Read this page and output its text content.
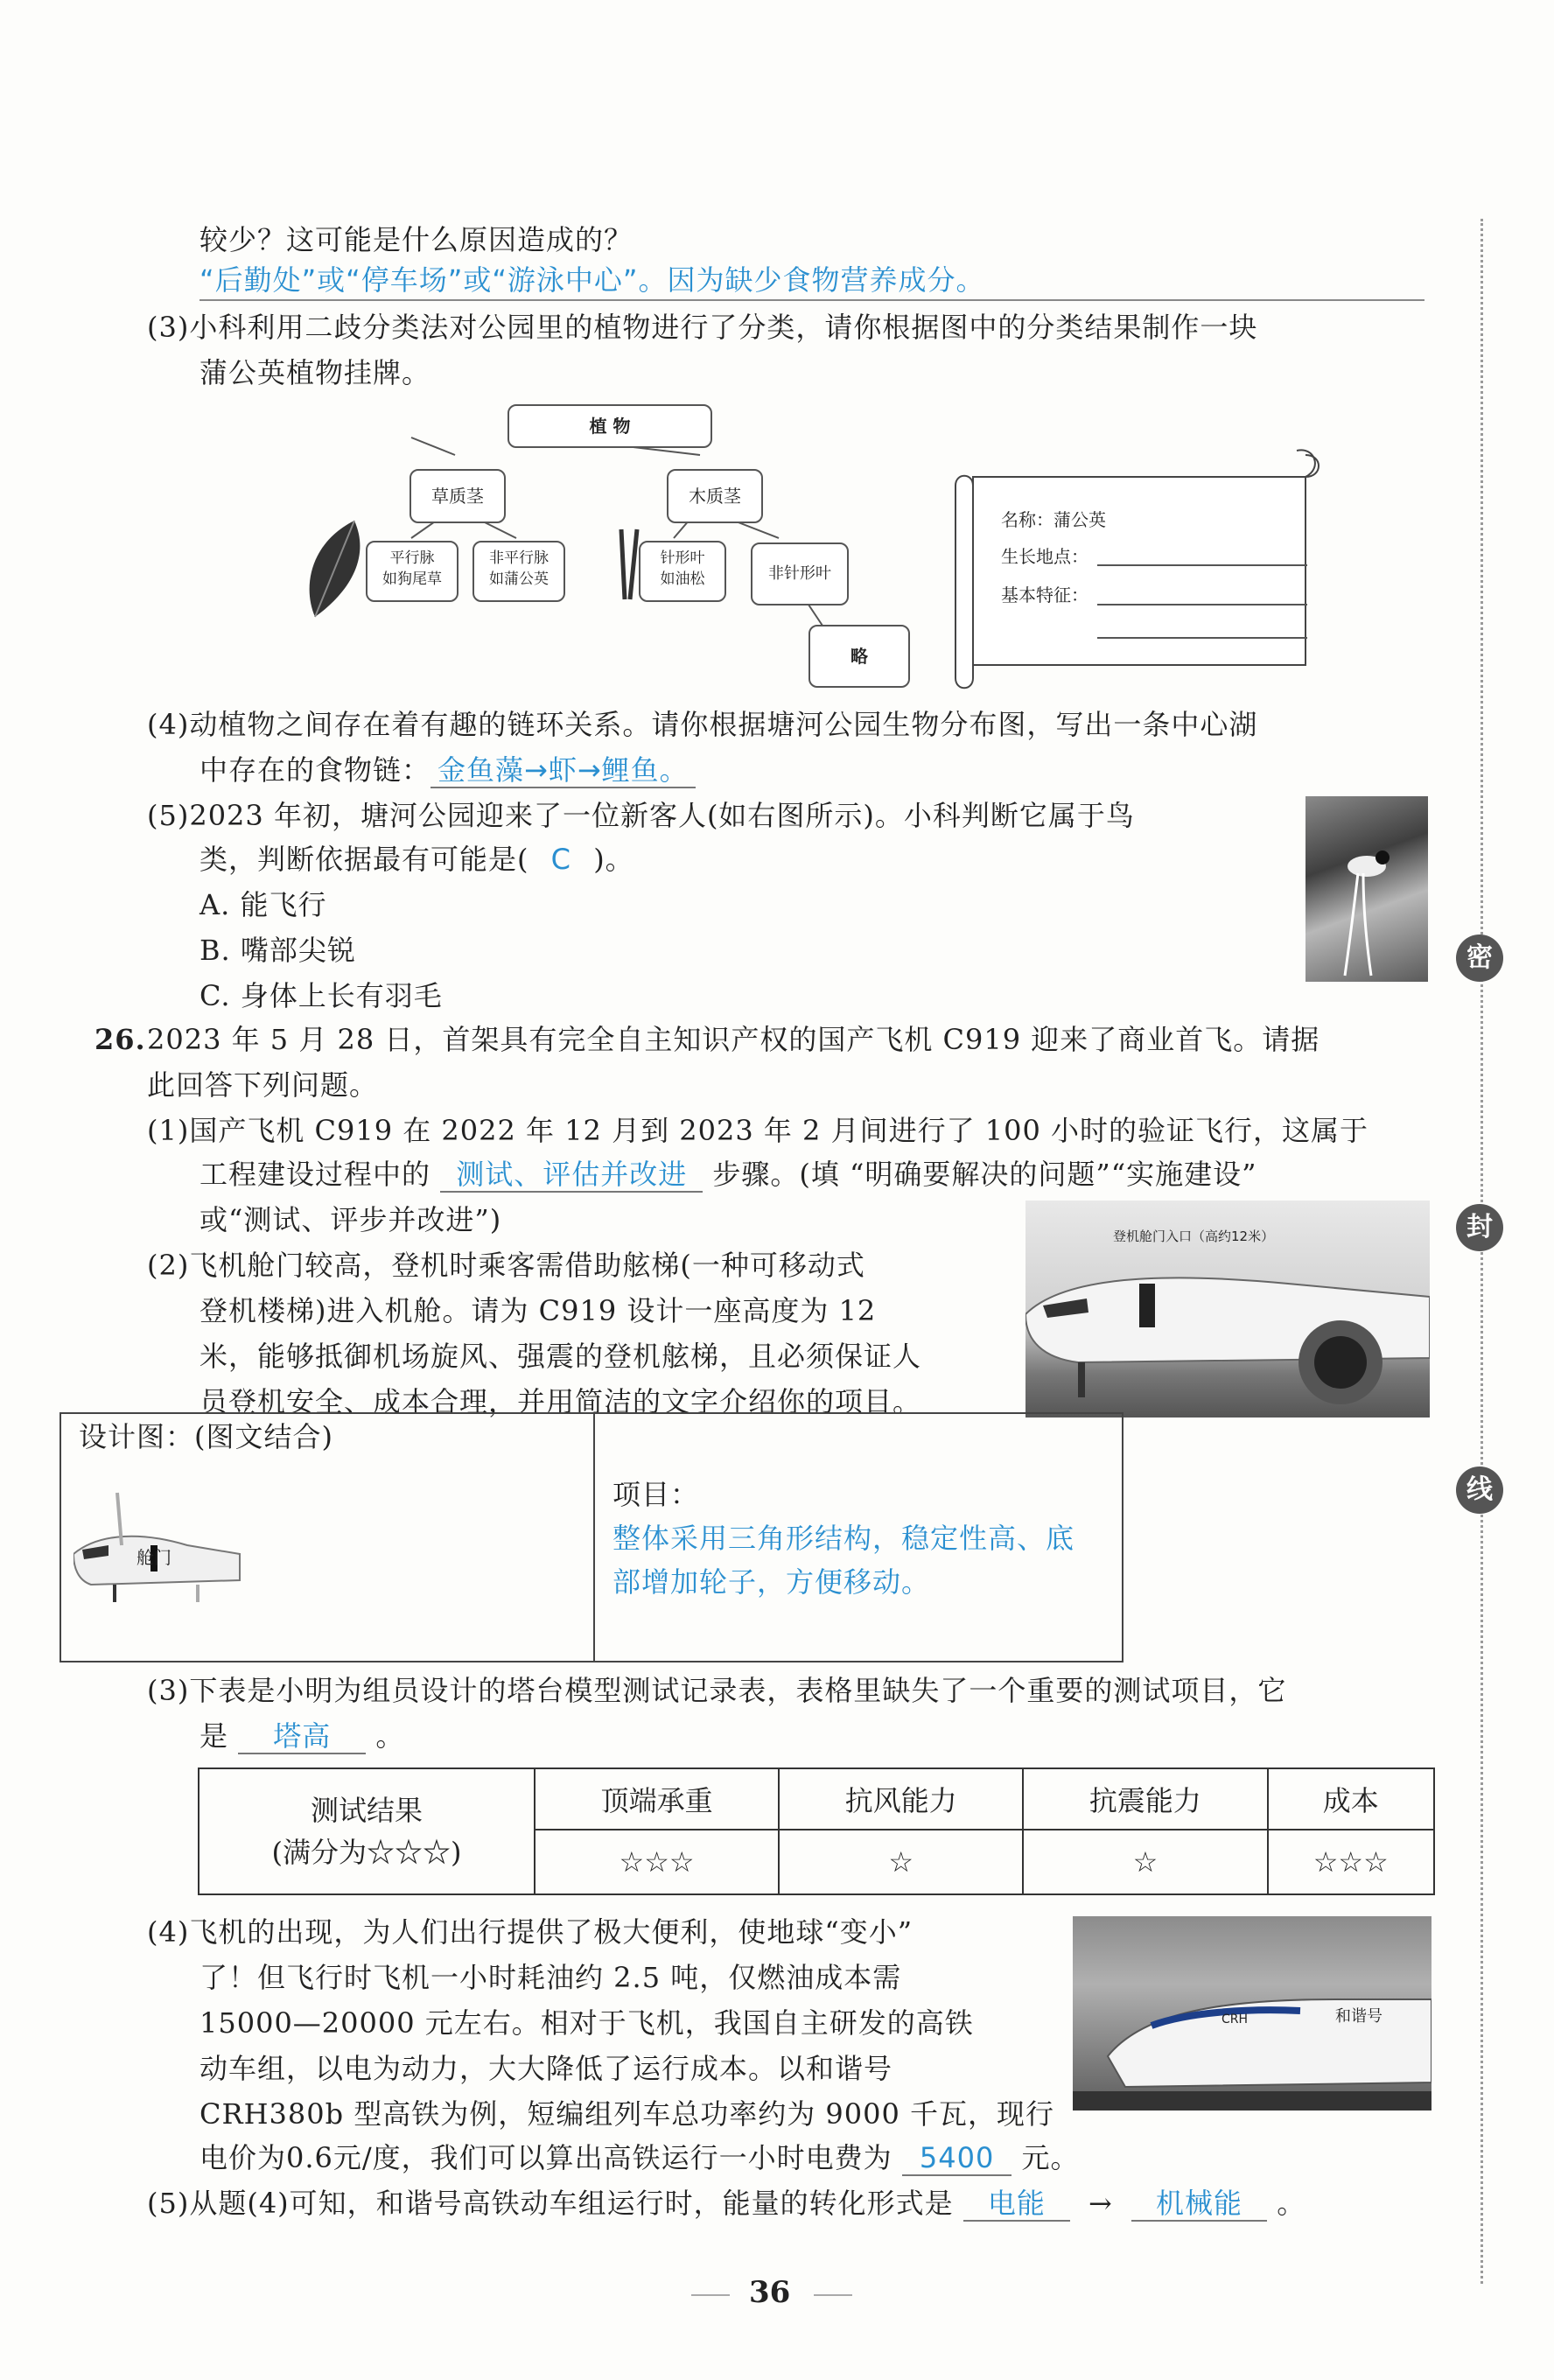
较少？这可能是什么原因造成的？
“后勤处”或“停车场”或“游泳中心”。因为缺少食物营养成分。
(3)小科利用二歧分类法对公园里的植物进行了分类，请你根据图中的分类结果制作一块
蒲公英植物挂牌。
植 物
草质茎	木质茎
平行脉
如狗尾草
非平行脉
如蒲公英
针形叶
如油松	非针形叶
略
名称：蒲公英
生长地点：
基本特征：
(4)动植物之间存在着有趣的链环关系。请你根据塘河公园生物分布图，写出一条中心湖
中存在的食物链： 金鱼藻→虾→鲤鱼。
(5)2023 年初，塘河公园迎来了一位新客人(如右图所示)。小科判断它属于鸟
类，判断依据最有可能是( C )。
A. 能飞行
B. 嘴部尖锐
C. 身体上长有羽毛
26. 2023 年 5 月 28 日，首架具有完全自主知识产权的国产飞机 C919 迎来了商业首飞。请据
此回答下列问题。
(1)国产飞机 C919 在 2022 年 12 月到 2023 年 2 月间进行了 100 小时的验证飞行，这属于
工程建设过程中的 测试、评估并改进 步骤。(填 “明确要解决的问题”“实施建设”
或“测试、评步并改进”)
(2)飞机舱门较高，登机时乘客需借助舷梯(一种可移动式
登机楼梯)进入机舱。请为 C919 设计一座高度为 12
米，能够抵御机场旋风、强震的登机舷梯，且必须保证人
员登机安全、成本合理，并用简洁的文字介绍你的项目。
登机舱门入口（高约12米）
设计图：(图文结合)
舱门
项目：
整体采用三角形结构，稳定性高、底
部增加轮子，方便移动。
(3)下表是小明为组员设计的塔台模型测试记录表，表格里缺失了一个重要的测试项目，它
是 塔高 。
测试结果
(满分为☆☆☆)	顶端承重	抗风能力	抗震能力	成本
	☆☆☆	☆	☆	☆☆☆
(4)飞机的出现，为人们出行提供了极大便利，使地球“变小”
了！但飞行时飞机一小时耗油约 2.5 吨，仅燃油成本需
15000—20000 元左右。相对于飞机，我国自主研发的高铁
动车组，以电为动力，大大降低了运行成本。以和谐号
CRH380b 型高铁为例，短编组列车总功率约为 9000 千瓦，现行
电价为0.6元/度，我们可以算出高铁运行一小时电费为 5400 元。
和谐号
CRH
(5)从题(4)可知，和谐号高铁动车组运行时，能量的转化形式是 电能 → 机械能 。
密
封
线
36
